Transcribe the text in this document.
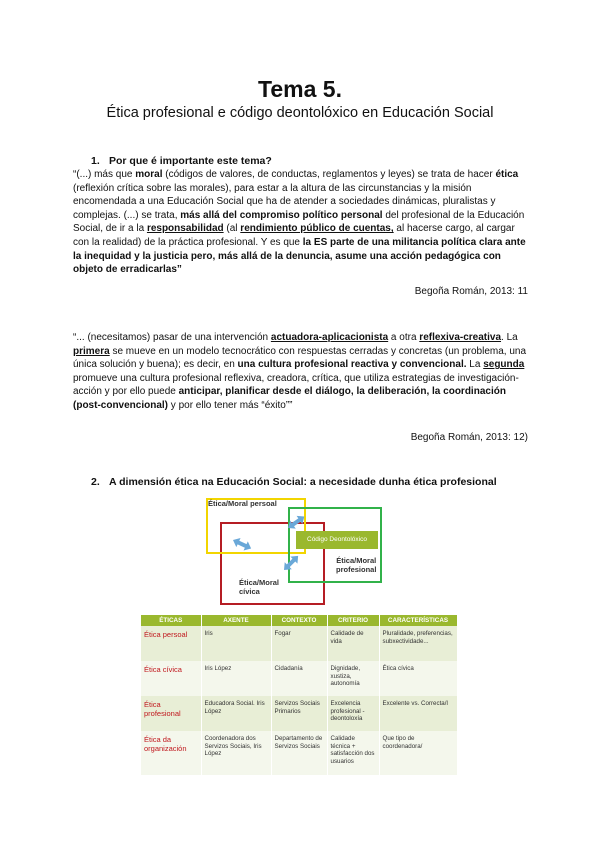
Tema 5.
Ética profesional e código deontolóxico en Educación Social
1. Por que é importante este tema?
“(...) más que moral (códigos de valores, de conductas, reglamentos y leyes) se trata de hacer ética (reflexión crítica sobre las morales), para estar a la altura de las circunstancias y la misión encomendada a una Educación Social que ha de atender a sociedades dinámicas, pluralistas y complejas. (...) se trata, más allá del compromiso político personal del profesional de la Educación Social, de ir a la responsabilidad (al rendimiento público de cuentas, al hacerse cargo, al cargar con la realidad) de la práctica profesional. Y es que la ES parte de una militancia política clara ante la inequidad y la justicia pero, más allá de la denuncia, asume una acción pedagógica con objeto de erradicarlas”
Begoña Román, 2013: 11
“... (necesitamos) pasar de una intervención actuadora-aplicacionista a otra reflexiva-creativa. La primera se mueve en un modelo tecnocrático con respuestas cerradas y concretas (un problema, una única solución y buena); es decir, en una cultura profesional reactiva y convencional. La segunda promueve una cultura profesional reflexiva, creadora, crítica, que utiliza estrategias de investigación-acción y por ello puede anticipar, planificar desde el diálogo, la deliberación, la coordinación (post-convencional) y por ello tener más “éxito””
Begoña Román, 2013: 12)
2. A dimensión ética na Educación Social: a necesidade dunha ética profesional
Ética/Moral persoal
Código Deontolóxico
Ética/Moral
profesional
Ética/Moral
cívica
ÉTICAS	AXENTE	CONTEXTO	CRITERIO	CARACTERÍSTICAS
Ética persoal	Iris	Fogar	Calidade de vida	Pluralidade, preferencias, subxectividade...
Ética cívica	Iris López	Cidadanía	Dignidade, xustiza, autonomía	Ética cívica
Ética profesional	Educadora Social. Iris López	Servizos Sociais Primarios	Excelencia profesional - deontoloxía	Excelente vs. Correcta/l
Ética da organización	Coordenadora dos Servizos Sociais, Iris López	Departamento de Servizos Sociais	Calidade técnica + satisfacción dos usuarios	Que tipo de coordenadora/
